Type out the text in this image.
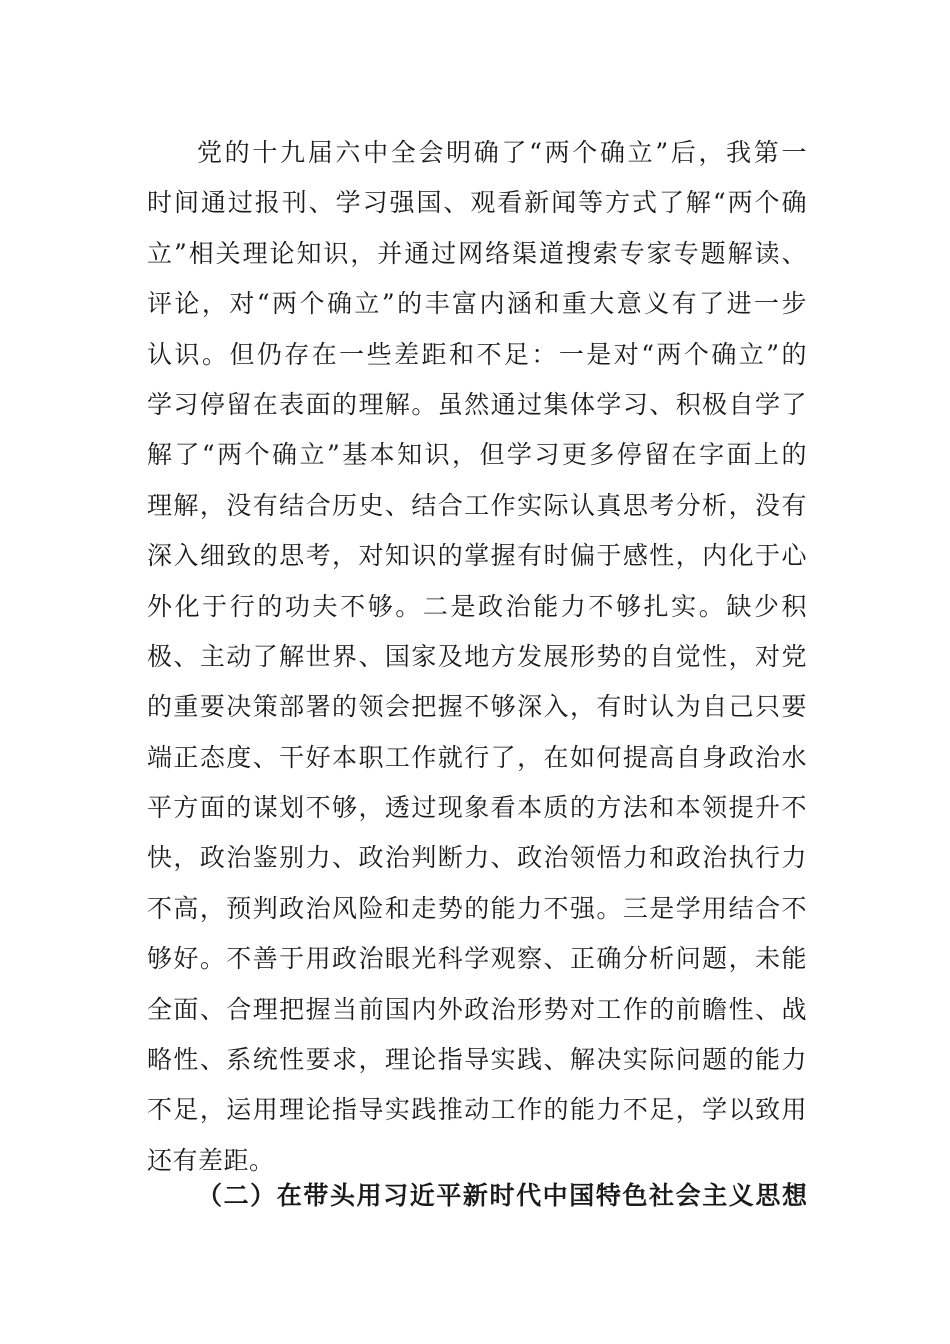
党的十九届六中全会明确了“两个确立”后，我第一
时间通过报刊、学习强国、观看新闻等方式了解“两个确
立”相关理论知识，并通过网络渠道搜索专家专题解读、
评论，对“两个确立”的丰富内涵和重大意义有了进一步
认识。但仍存在一些差距和不足：一是对“两个确立”的
学习停留在表面的理解。虽然通过集体学习、积极自学了
解了“两个确立”基本知识，但学习更多停留在字面上的
理解，没有结合历史、结合工作实际认真思考分析，没有
深入细致的思考，对知识的掌握有时偏于感性，内化于心
外化于行的功夫不够。二是政治能力不够扎实。缺少积
极、主动了解世界、国家及地方发展形势的自觉性，对党
的重要决策部署的领会把握不够深入，有时认为自己只要
端正态度、干好本职工作就行了，在如何提高自身政治水
平方面的谋划不够，透过现象看本质的方法和本领提升不
快，政治鉴别力、政治判断力、政治领悟力和政治执行力
不高，预判政治风险和走势的能力不强。三是学用结合不
够好。不善于用政治眼光科学观察、正确分析问题，未能
全面、合理把握当前国内外政治形势对工作的前瞻性、战
略性、系统性要求，理论指导实践、解决实际问题的能力
不足，运用理论指导实践推动工作的能力不足，学以致用
还有差距。
（二）在带头用习近平新时代中国特色社会主义思想
